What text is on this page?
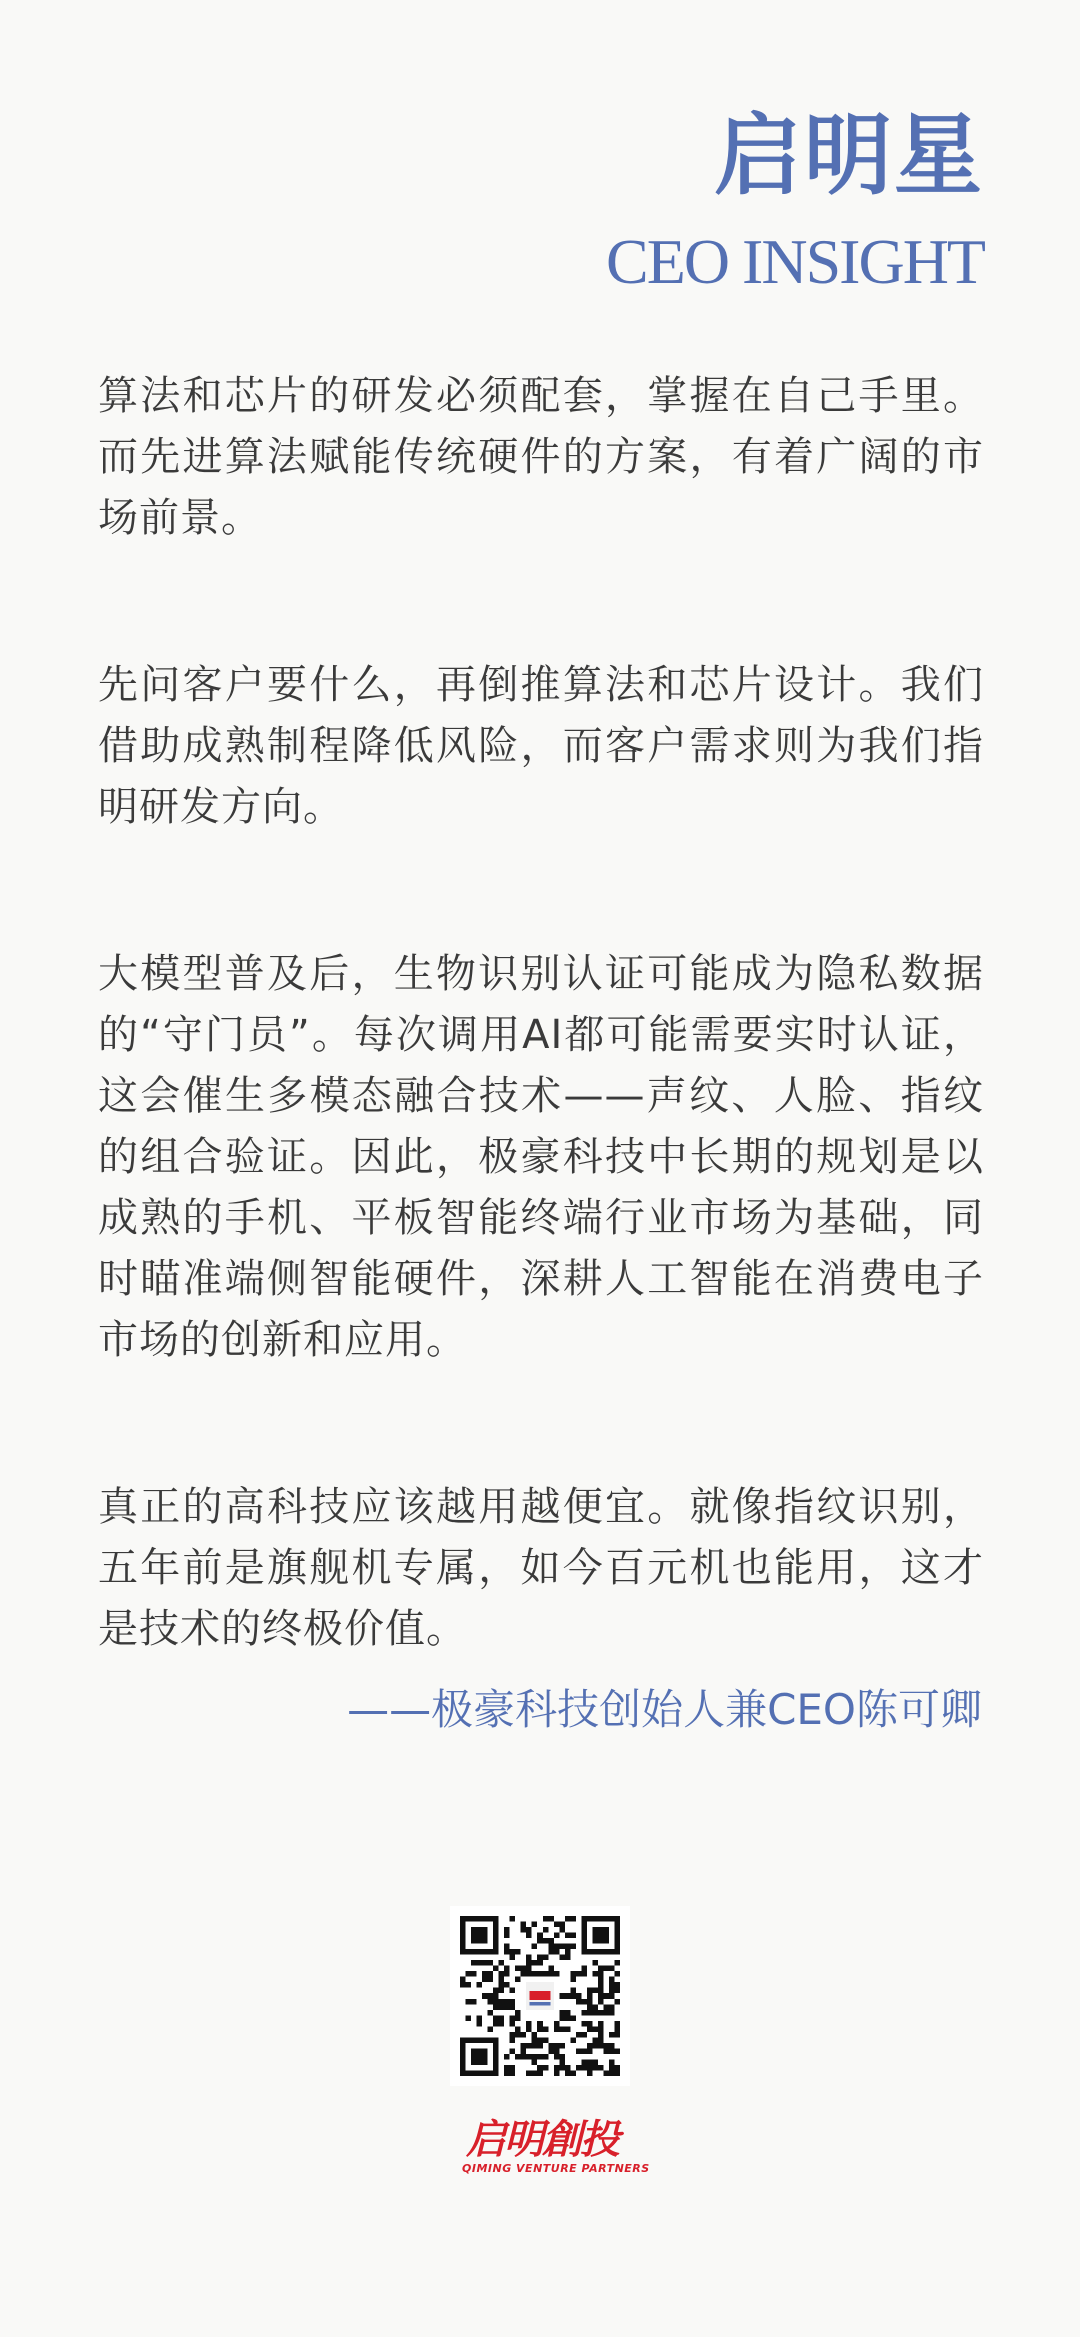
启明星
CEO INSIGHT

算法和芯片的研发必须配套，掌握在自己手里。而先进算法赋能传统硬件的方案，有着广阔的市场前景。

先问客户要什么，再倒推算法和芯片设计。我们借助成熟制程降低风险，而客户需求则为我们指明研发方向。

大模型普及后，生物识别认证可能成为隐私数据的“守门员”。每次调用AI都可能需要实时认证，这会催生多模态融合技术——声纹、人脸、指纹的组合验证。因此，极豪科技中长期的规划是以成熟的手机、平板智能终端行业市场为基础，同时瞄准端侧智能硬件，深耕人工智能在消费电子市场的创新和应用。

真正的高科技应该越用越便宜。就像指纹识别，五年前是旗舰机专属，如今百元机也能用，这才是技术的终极价值。

——极豪科技创始人兼CEO陈可卿
启明創投
QIMING VENTURE PARTNERS
